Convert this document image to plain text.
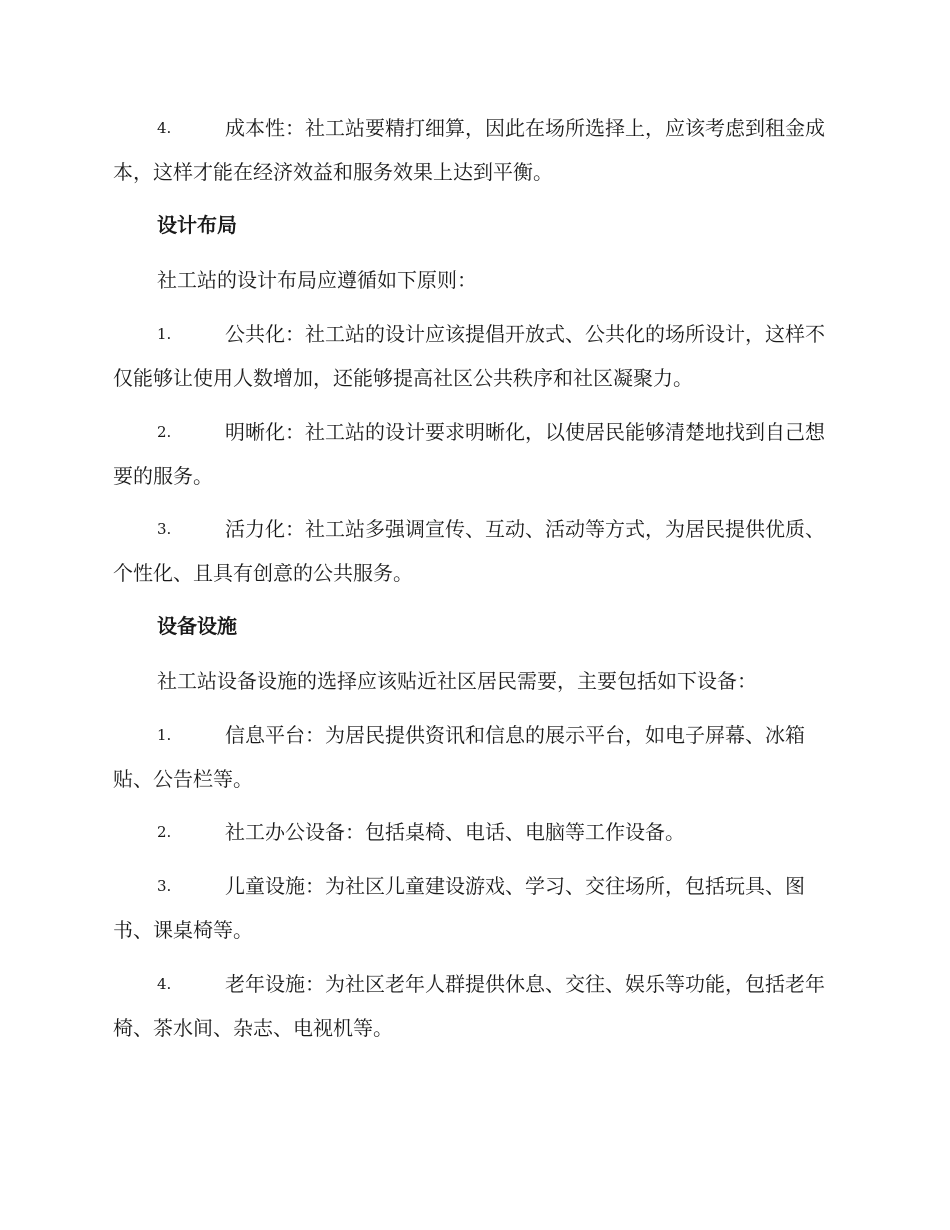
4.	成本性：社工站要精打细算，因此在场所选择上，应该考虑到租金成本，这样才能在经济效益和服务效果上达到平衡。
设计布局
社工站的设计布局应遵循如下原则：
1.	公共化：社工站的设计应该提倡开放式、公共化的场所设计，这样不仅能够让使用人数增加，还能够提高社区公共秩序和社区凝聚力。
2.	明晰化：社工站的设计要求明晰化，以使居民能够清楚地找到自己想要的服务。
3.	活力化：社工站多强调宣传、互动、活动等方式，为居民提供优质、个性化、且具有创意的公共服务。
设备设施
社工站设备设施的选择应该贴近社区居民需要，主要包括如下设备：
1.	信息平台：为居民提供资讯和信息的展示平台，如电子屏幕、冰箱贴、公告栏等。
2.	社工办公设备：包括桌椅、电话、电脑等工作设备。
3.	儿童设施：为社区儿童建设游戏、学习、交往场所，包括玩具、图书、课桌椅等。
4.	老年设施：为社区老年人群提供休息、交往、娱乐等功能，包括老年椅、茶水间、杂志、电视机等。
